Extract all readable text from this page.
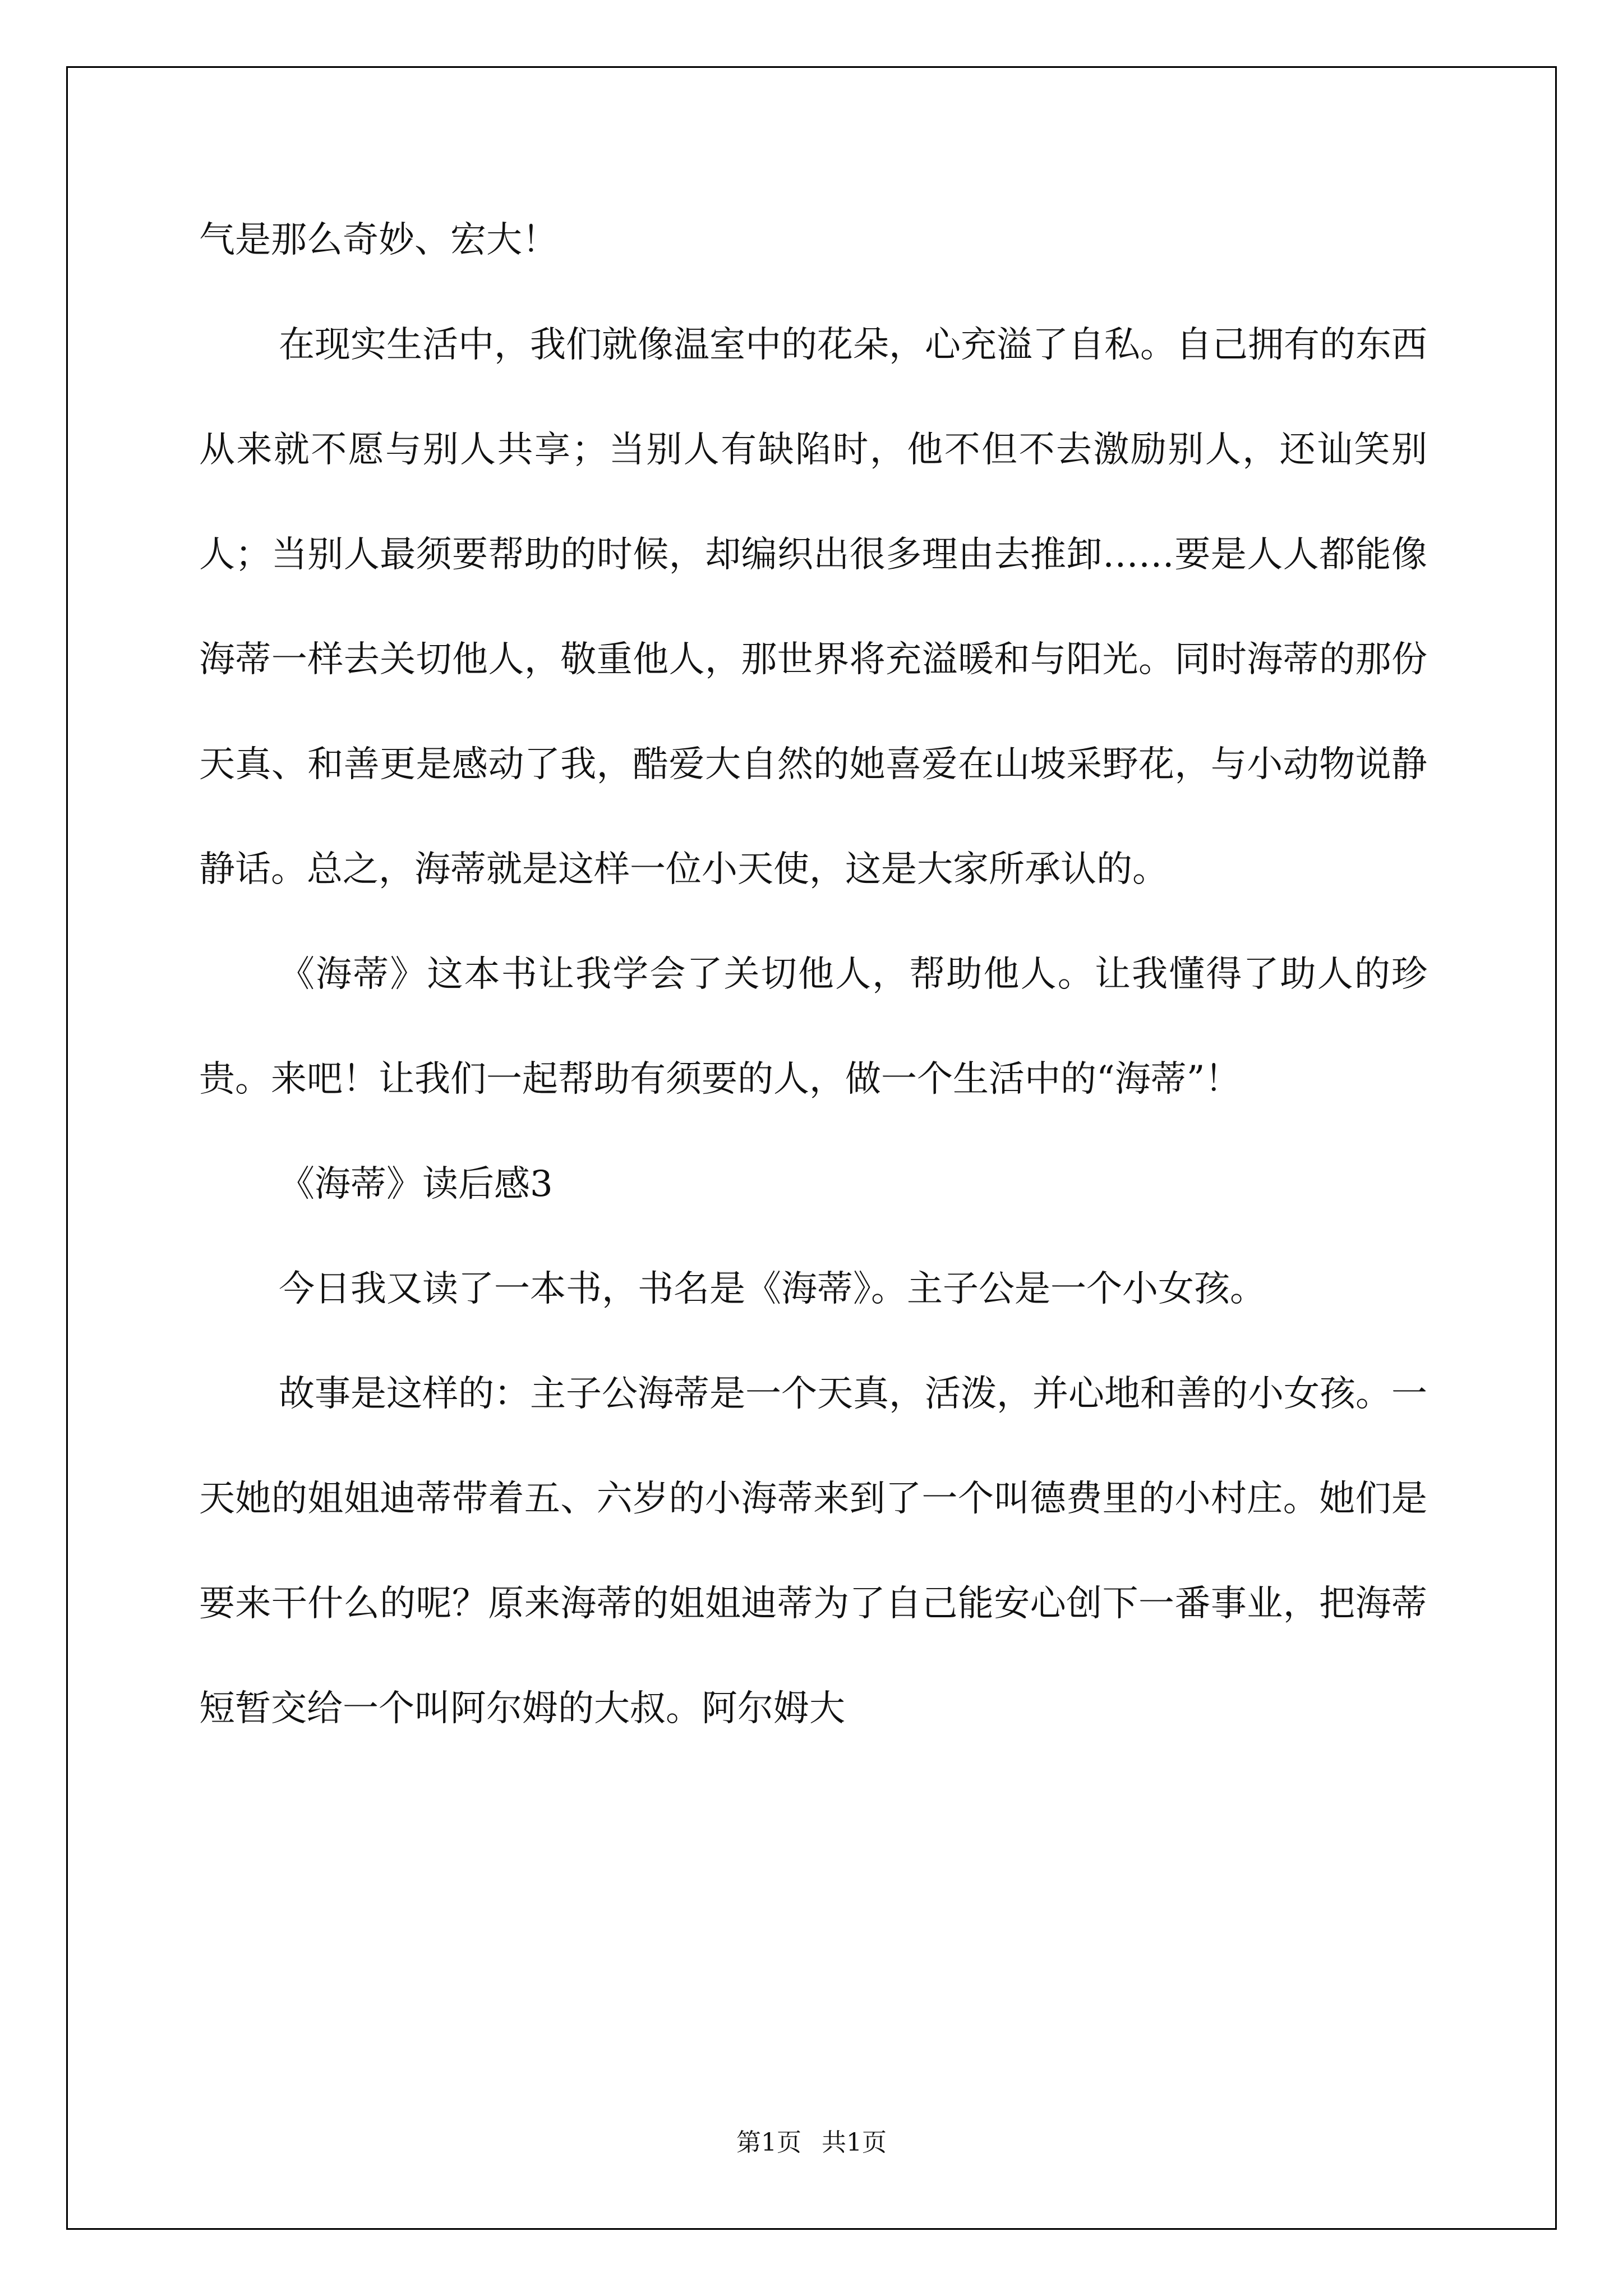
气是那么奇妙、宏大！

在现实生活中，我们就像温室中的花朵，心充溢了自私。自己拥有的东西从来就不愿与别人共享；当别人有缺陷时，他不但不去激励别人，还讪笑别人；当别人最须要帮助的时候，却编织出很多理由去推卸……要是人人都能像海蒂一样去关切他人，敬重他人，那世界将充溢暖和与阳光。同时海蒂的那份天真、和善更是感动了我，酷爱大自然的她喜爱在山坡采野花，与小动物说静静话。总之，海蒂就是这样一位小天使，这是大家所承认的。

《海蒂》这本书让我学会了关切他人，帮助他人。让我懂得了助人的珍贵。来吧！让我们一起帮助有须要的人，做一个生活中的“海蒂”！

《海蒂》读后感3

今日我又读了一本书，书名是《海蒂》。主子公是一个小女孩。

故事是这样的：主子公海蒂是一个天真，活泼，并心地和善的小女孩。一天她的姐姐迪蒂带着五、六岁的小海蒂来到了一个叫德费里的小村庄。她们是要来干什么的呢？原来海蒂的姐姐迪蒂为了自己能安心创下一番事业，把海蒂短暂交给一个叫阿尔姆的大叔。阿尔姆大

第1页 共1页
